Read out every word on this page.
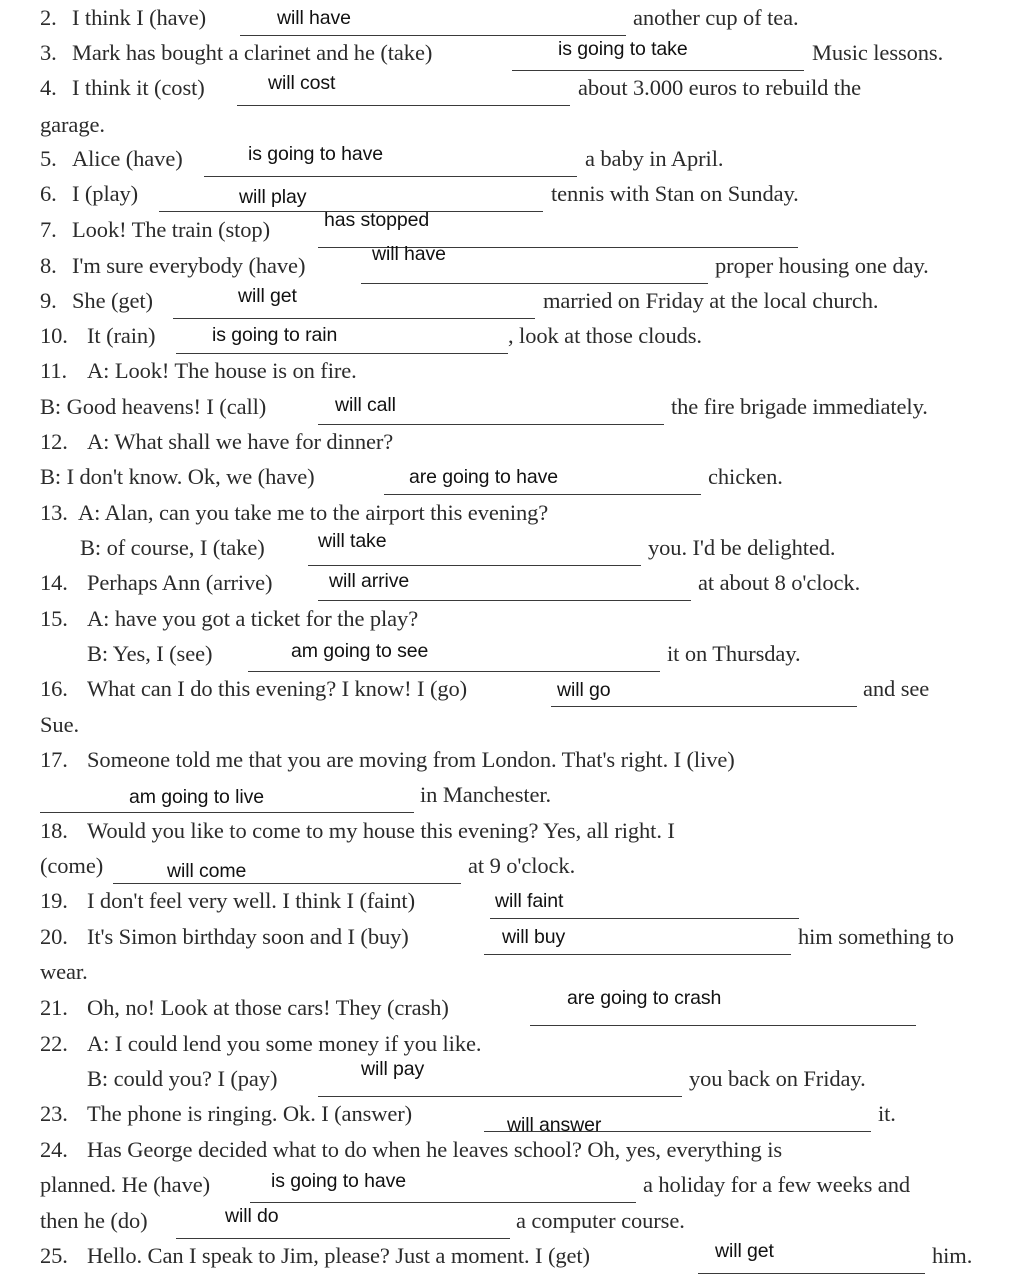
2. I think I (have)	will have	another cup of tea.
3. Mark has bought a clarinet and he (take)	is going to take	Music lessons.
4. I think it (cost)	will cost	about 3.000 euros to rebuild the
garage.
5. Alice (have)	is going to have	a baby in April.
6. I (play)	will play	tennis with Stan on Sunday.
7. Look! The train (stop)	has stopped
8. I'm sure everybody (have)	will have	proper housing one day.
9. She (get)	will get	married on Friday at the local church.
10. It (rain)	is going to rain	, look at those clouds.
11. A: Look! The house is on fire.
B: Good heavens! I (call)	will call	the fire brigade immediately.
12. A: What shall we have for dinner?
B: I don't know. Ok, we (have)	are going to have	chicken.
13. A: Alan, can you take me to the airport this evening?
B: of course, I (take)	will take	you. I'd be delighted.
14. Perhaps Ann (arrive)	will arrive	at about 8 o'clock.
15. A: have you got a ticket for the play?
B: Yes, I (see)	am going to see	it on Thursday.
16. What can I do this evening? I know! I (go)	will go	and see
Sue.
17. Someone told me that you are moving from London. That's right. I (live)
am going to live	in Manchester.
18. Would you like to come to my house this evening? Yes, all right. I
(come)	will come	at 9 o'clock.
19. I don't feel very well. I think I (faint)	will faint
20. It's Simon birthday soon and I (buy)	will buy	him something to
wear.
21. Oh, no! Look at those cars! They (crash)	are going to crash
22. A: I could lend you some money if you like.
B: could you? I (pay)	will pay	you back on Friday.
23. The phone is ringing. Ok. I (answer)	will answer	it.
24. Has George decided what to do when he leaves school? Oh, yes, everything is
planned. He (have)	is going to have	a holiday for a few weeks and
then he (do)	will do	a computer course.
25. Hello. Can I speak to Jim, please? Just a moment. I (get)	will get	him.
